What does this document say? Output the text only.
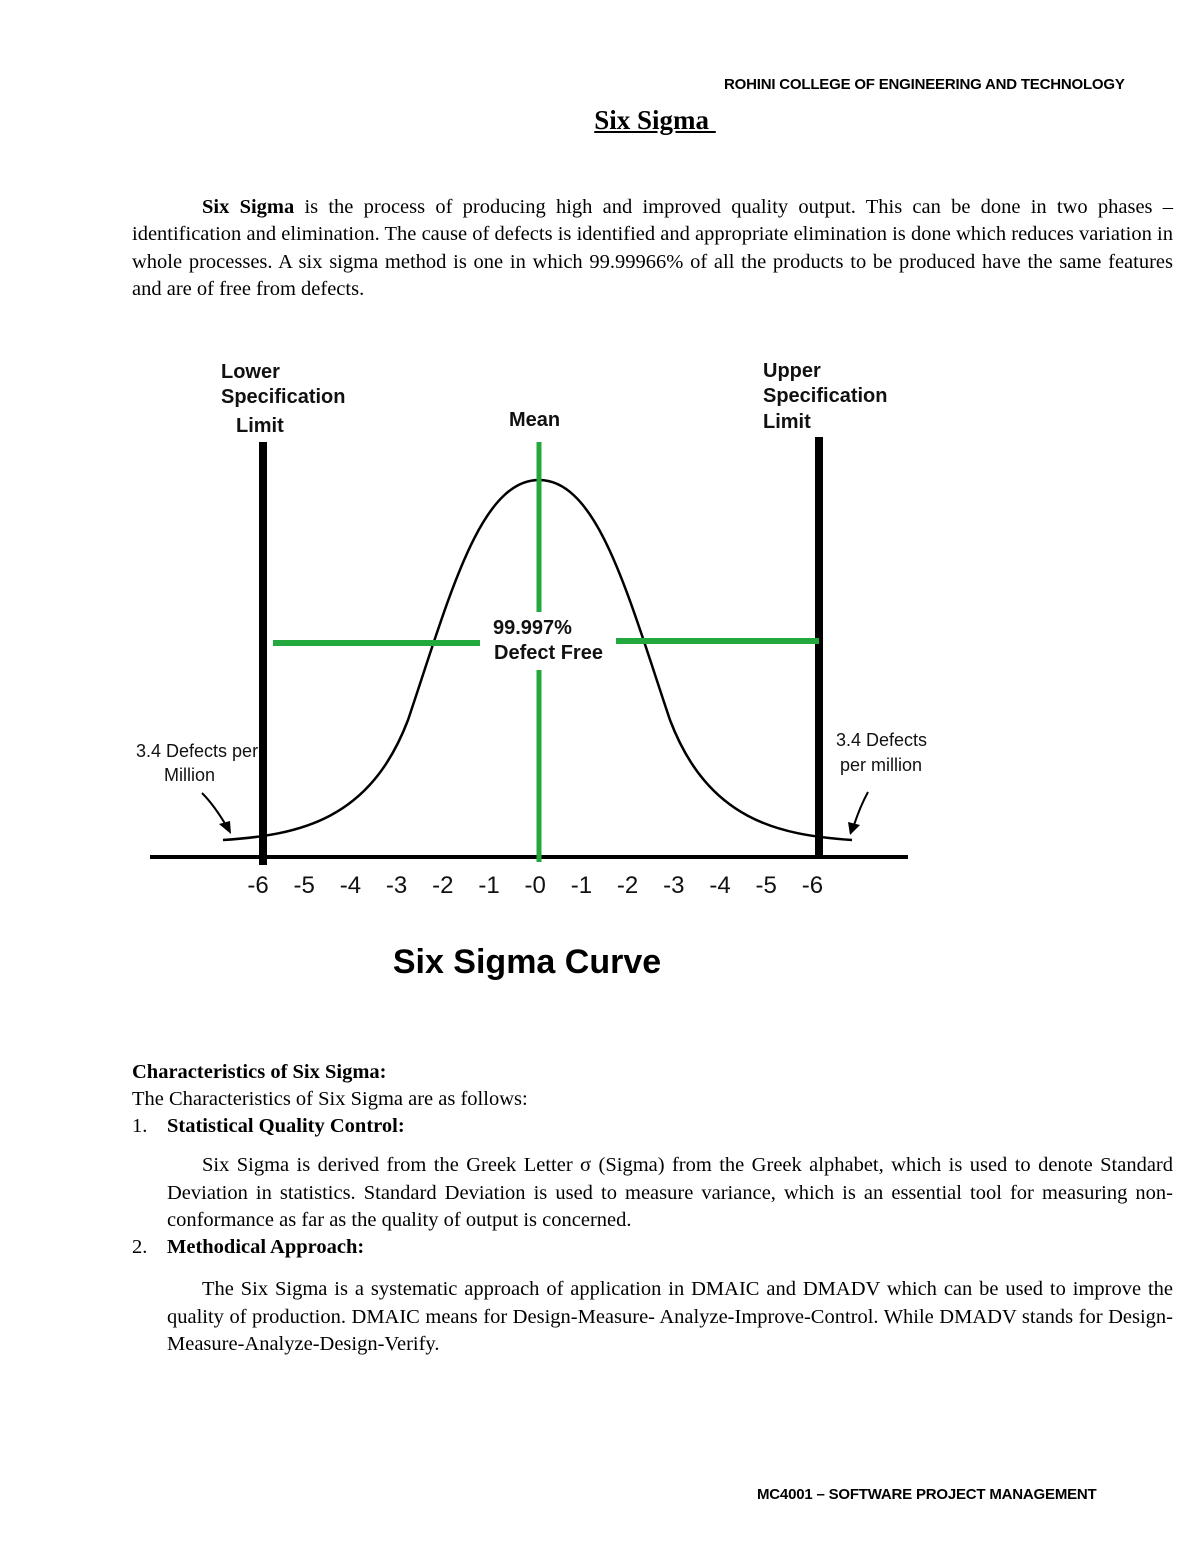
ROHINI COLLEGE OF ENGINEERING AND TECHNOLOGY
Six Sigma
Six Sigma is the process of producing high and improved quality output. This can be done in two phases – identification and elimination. The cause of defects is identified and appropriate elimination is done which reduces variation in whole processes. A six sigma method is one in which 99.99966% of all the products to be produced have the same features and are of free from defects.
Lower
Specification
Limit
Upper
Specification
Limit
Mean
99.997%
Defect Free
3.4 Defects per
Million
3.4 Defects
per million
-6 -5 -4 -3 -2 -1 -0 -1 -2 -3 -4 -5 -6
Six Sigma Curve
Characteristics of Six Sigma:
The Characteristics of Six Sigma are as follows:
1. Statistical Quality Control:
Six Sigma is derived from the Greek Letter σ (Sigma) from the Greek alphabet, which is used to denote Standard Deviation in statistics. Standard Deviation is used to measure variance, which is an essential tool for measuring non-conformance as far as the quality of output is concerned.
2. Methodical Approach:
The Six Sigma is a systematic approach of application in DMAIC and DMADV which can be used to improve the quality of production. DMAIC means for Design-Measure- Analyze-Improve-Control. While DMADV stands for Design-Measure-Analyze-Design-Verify.
MC4001 – SOFTWARE PROJECT MANAGEMENT
